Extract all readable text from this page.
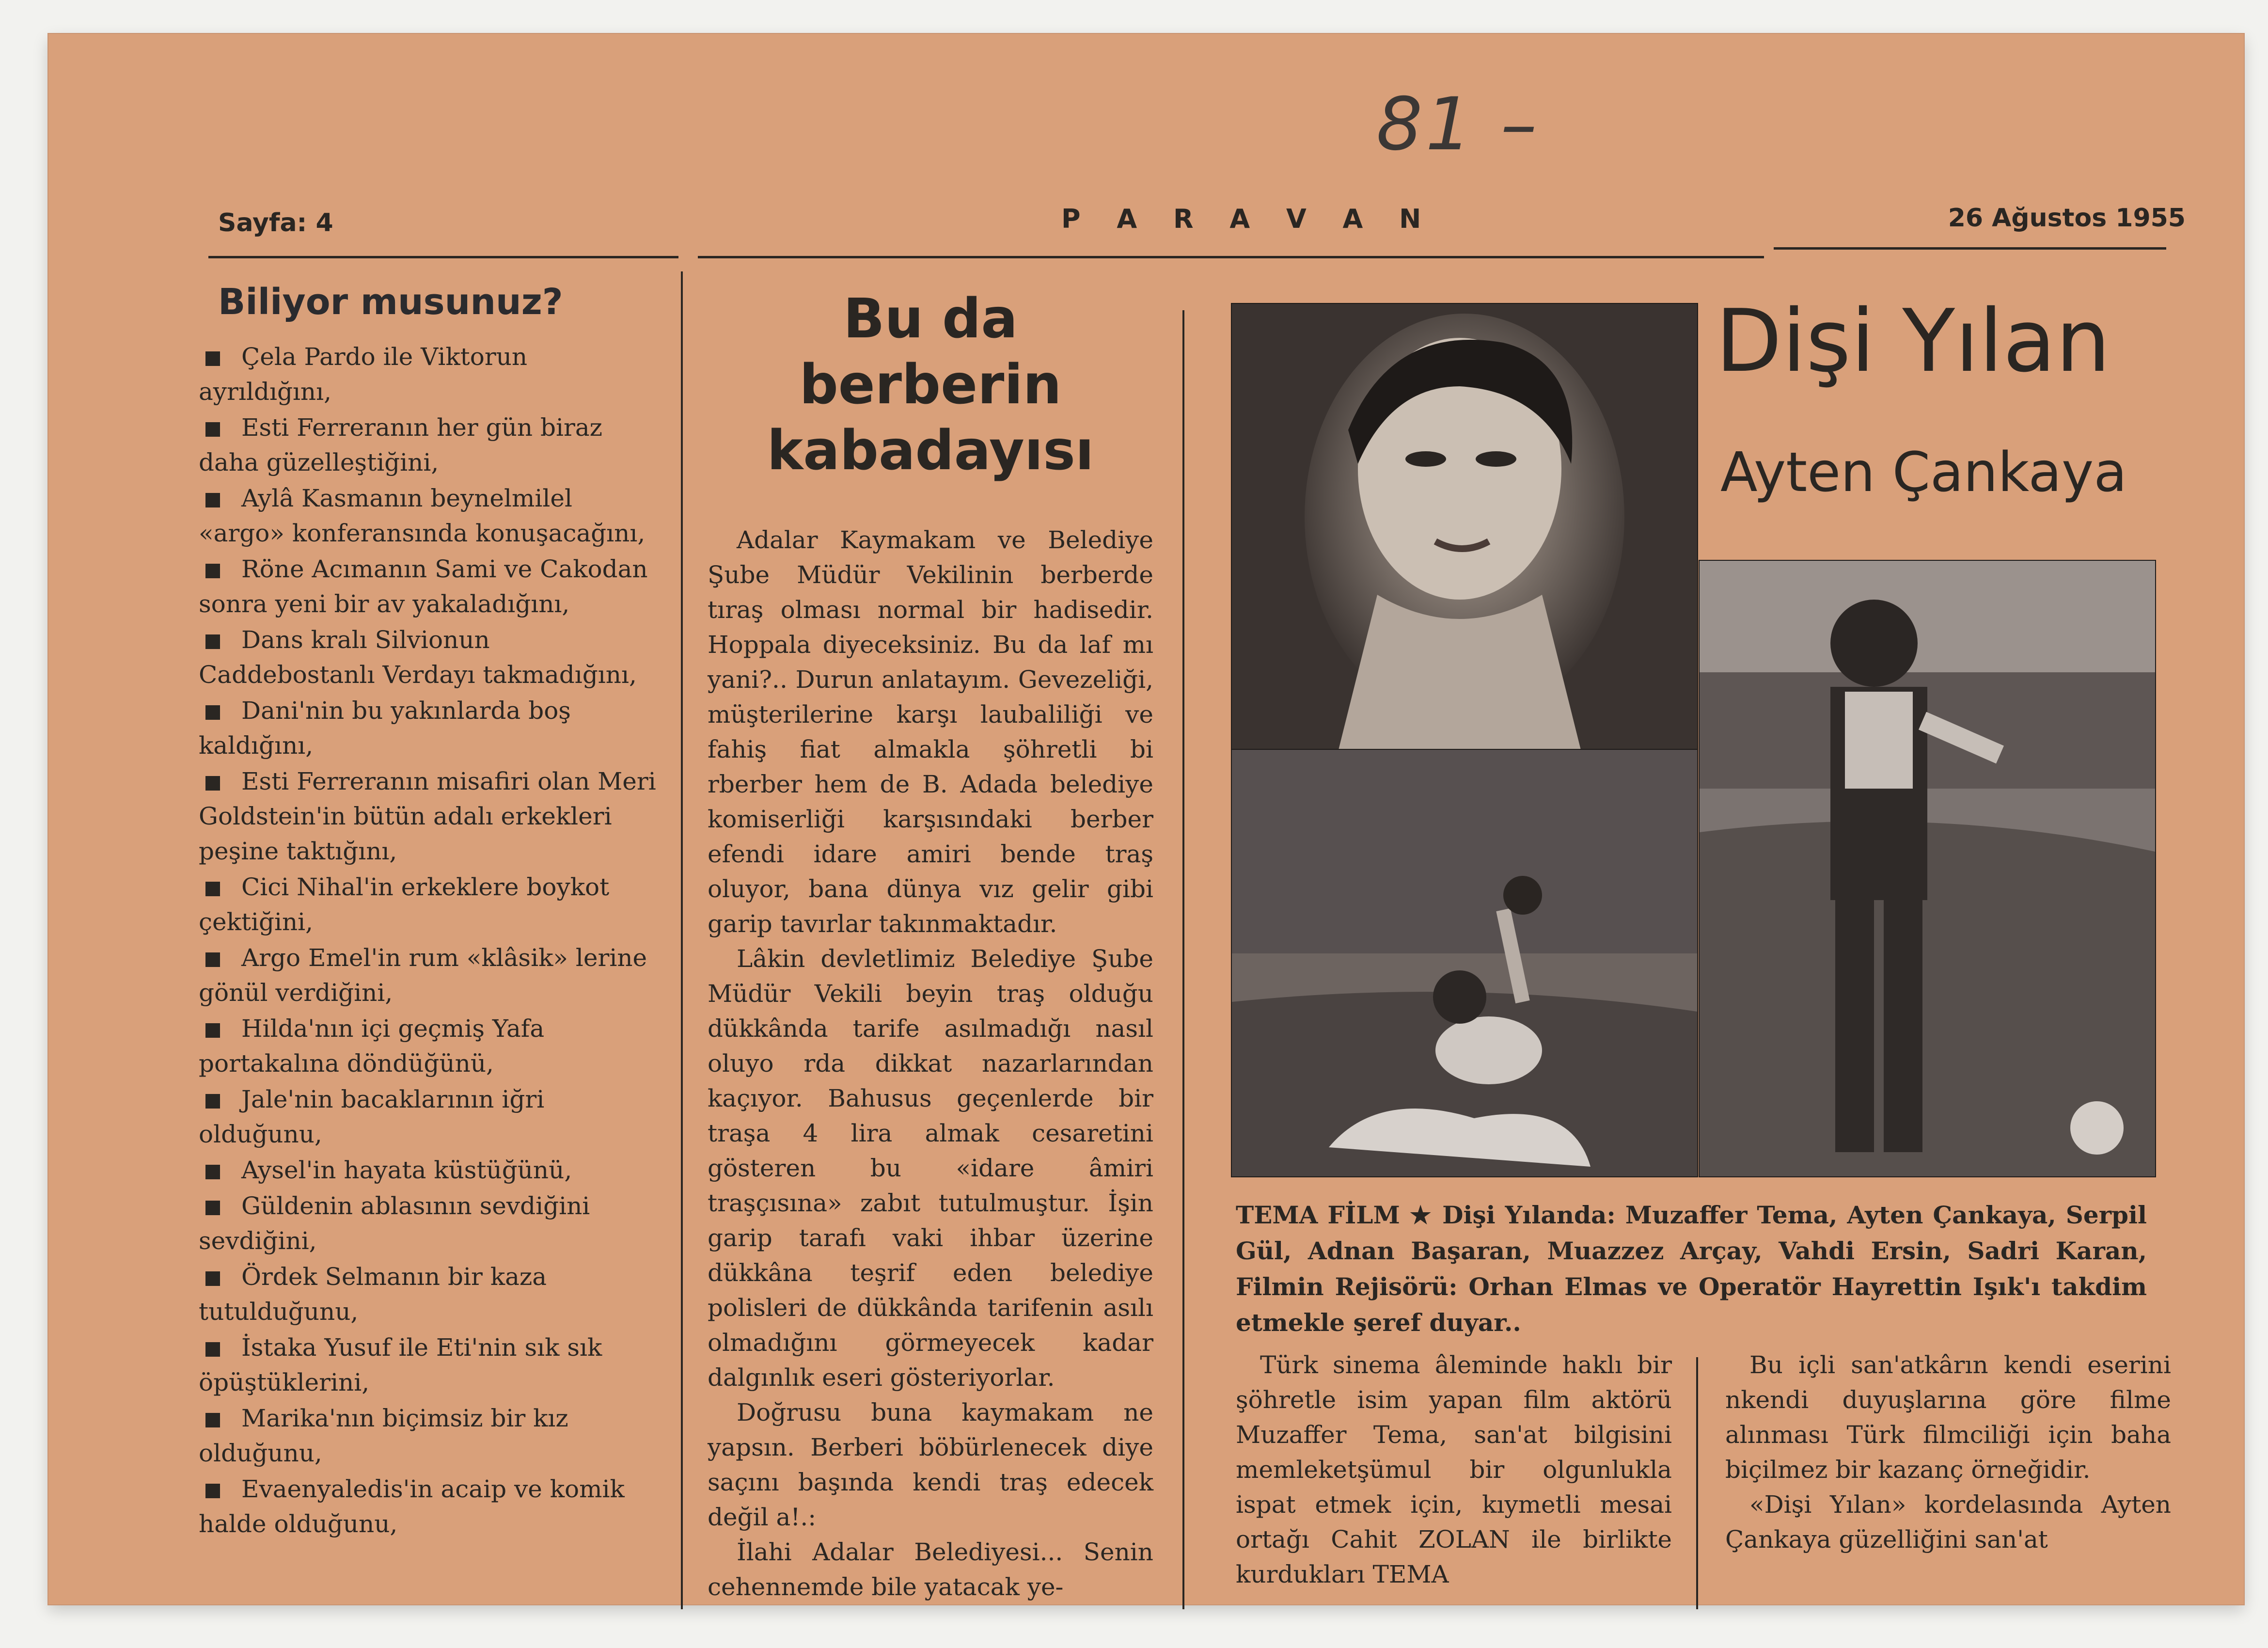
81 –
Sayfa: 4	P A R A V A N	26 Ağustos 1955
Biliyor musunuz?
Çela Pardo ile Viktorun ayrıldığını,
Esti Ferreranın her gün biraz daha güzelleştiğini,
Aylâ Kasmanın beynelmilel «argo» konferansında konuşacağını,
Röne Acımanın Sami ve Cakodan sonra yeni bir av yakaladığını,
Dans kralı Silvionun Caddebostanlı Verdayı takmadığını,
Dani'nin bu yakınlarda boş kaldığını,
Esti Ferreranın misafiri olan Meri Goldstein'in bütün adalı erkekleri peşine taktığını,
Cici Nihal'in erkeklere boykot çektiğini,
Argo Emel'in rum «klâsik» lerine gönül verdiğini,
Hilda'nın içi geçmiş Yafa portakalına döndüğünü,
Jale'nin bacaklarının iğri olduğunu,
Aysel'in hayata küstüğünü,
Güldenin ablasının sevdiğini sevdiğini,
Ördek Selmanın bir kaza tutulduğunu,
İstaka Yusuf ile Eti'nin sık sık öpüştüklerini,
Marika'nın biçimsiz bir kız olduğunu,
Evaenyaledis'in acaip ve komik halde olduğunu,
Bu da berberin
kabadayısı

Adalar Kaymakam ve Belediye Şube Müdür Vekilinin berberde tıraş olması normal bir hadisedir. Hoppala diyeceksiniz. Bu da laf mı yani?.. Durun anlatayım. Gevezeliği, müşterilerine karşı laubaliliği ve fahiş fiat almakla şöhretli bi rberber hem de B. Adada belediye komiserliği karşısındaki berber efendi idare amiri bende traş oluyor, bana dünya vız gelir gibi garip tavırlar takınmaktadır.

Lâkin devletlimiz Belediye Şube Müdür Vekili beyin traş olduğu dükkânda tarife asılmadığı nasıl oluyo rda dikkat nazarlarından kaçıyor. Bahusus geçenlerde bir traşa 4 lira almak cesaretini gösteren bu «idare âmiri traşçısına» zabıt tutulmuştur. İşin garip tarafı vaki ihbar üzerine dükkâna teşrif eden belediye polisleri de dükkânda tarifenin asılı olmadığını görmeyecek kadar dalgınlık eseri gösteriyorlar.

Doğrusu buna kaymakam ne yapsın. Berberi böbürlenecek diye saçını başında kendi traş edecek değil a!.:

İlahi Adalar Belediyesi... Senin cehennemde bile yatacak ye-

Dişi Yılan
Ayten Çankaya
TEMA FİLM ★ Dişi Yılanda: Muzaffer Tema, Ayten Çankaya, Serpil Gül, Adnan Başaran, Muazzez Arçay, Vahdi Ersin, Sadri Karan, Filmin Rejisörü: Orhan Elmas ve Operatör Hayrettin Işık'ı takdim etmekle şeref duyar..

Türk sinema âleminde haklı bir şöhretle isim yapan film aktörü Muzaffer Tema, san'at bilgisini memleketşümul bir olgunlukla ispat etmek için, kıymetli mesai ortağı Cahit ZOLAN ile birlikte kurdukları TEMA

Bu içli san'atkârın kendi eserini nkendi duyuşlarına göre filme alınması Türk filmciliği için baha biçilmez bir kazanç örneğidir.

«Dişi Yılan» kordelasında Ayten Çankaya güzelliğini san'at
